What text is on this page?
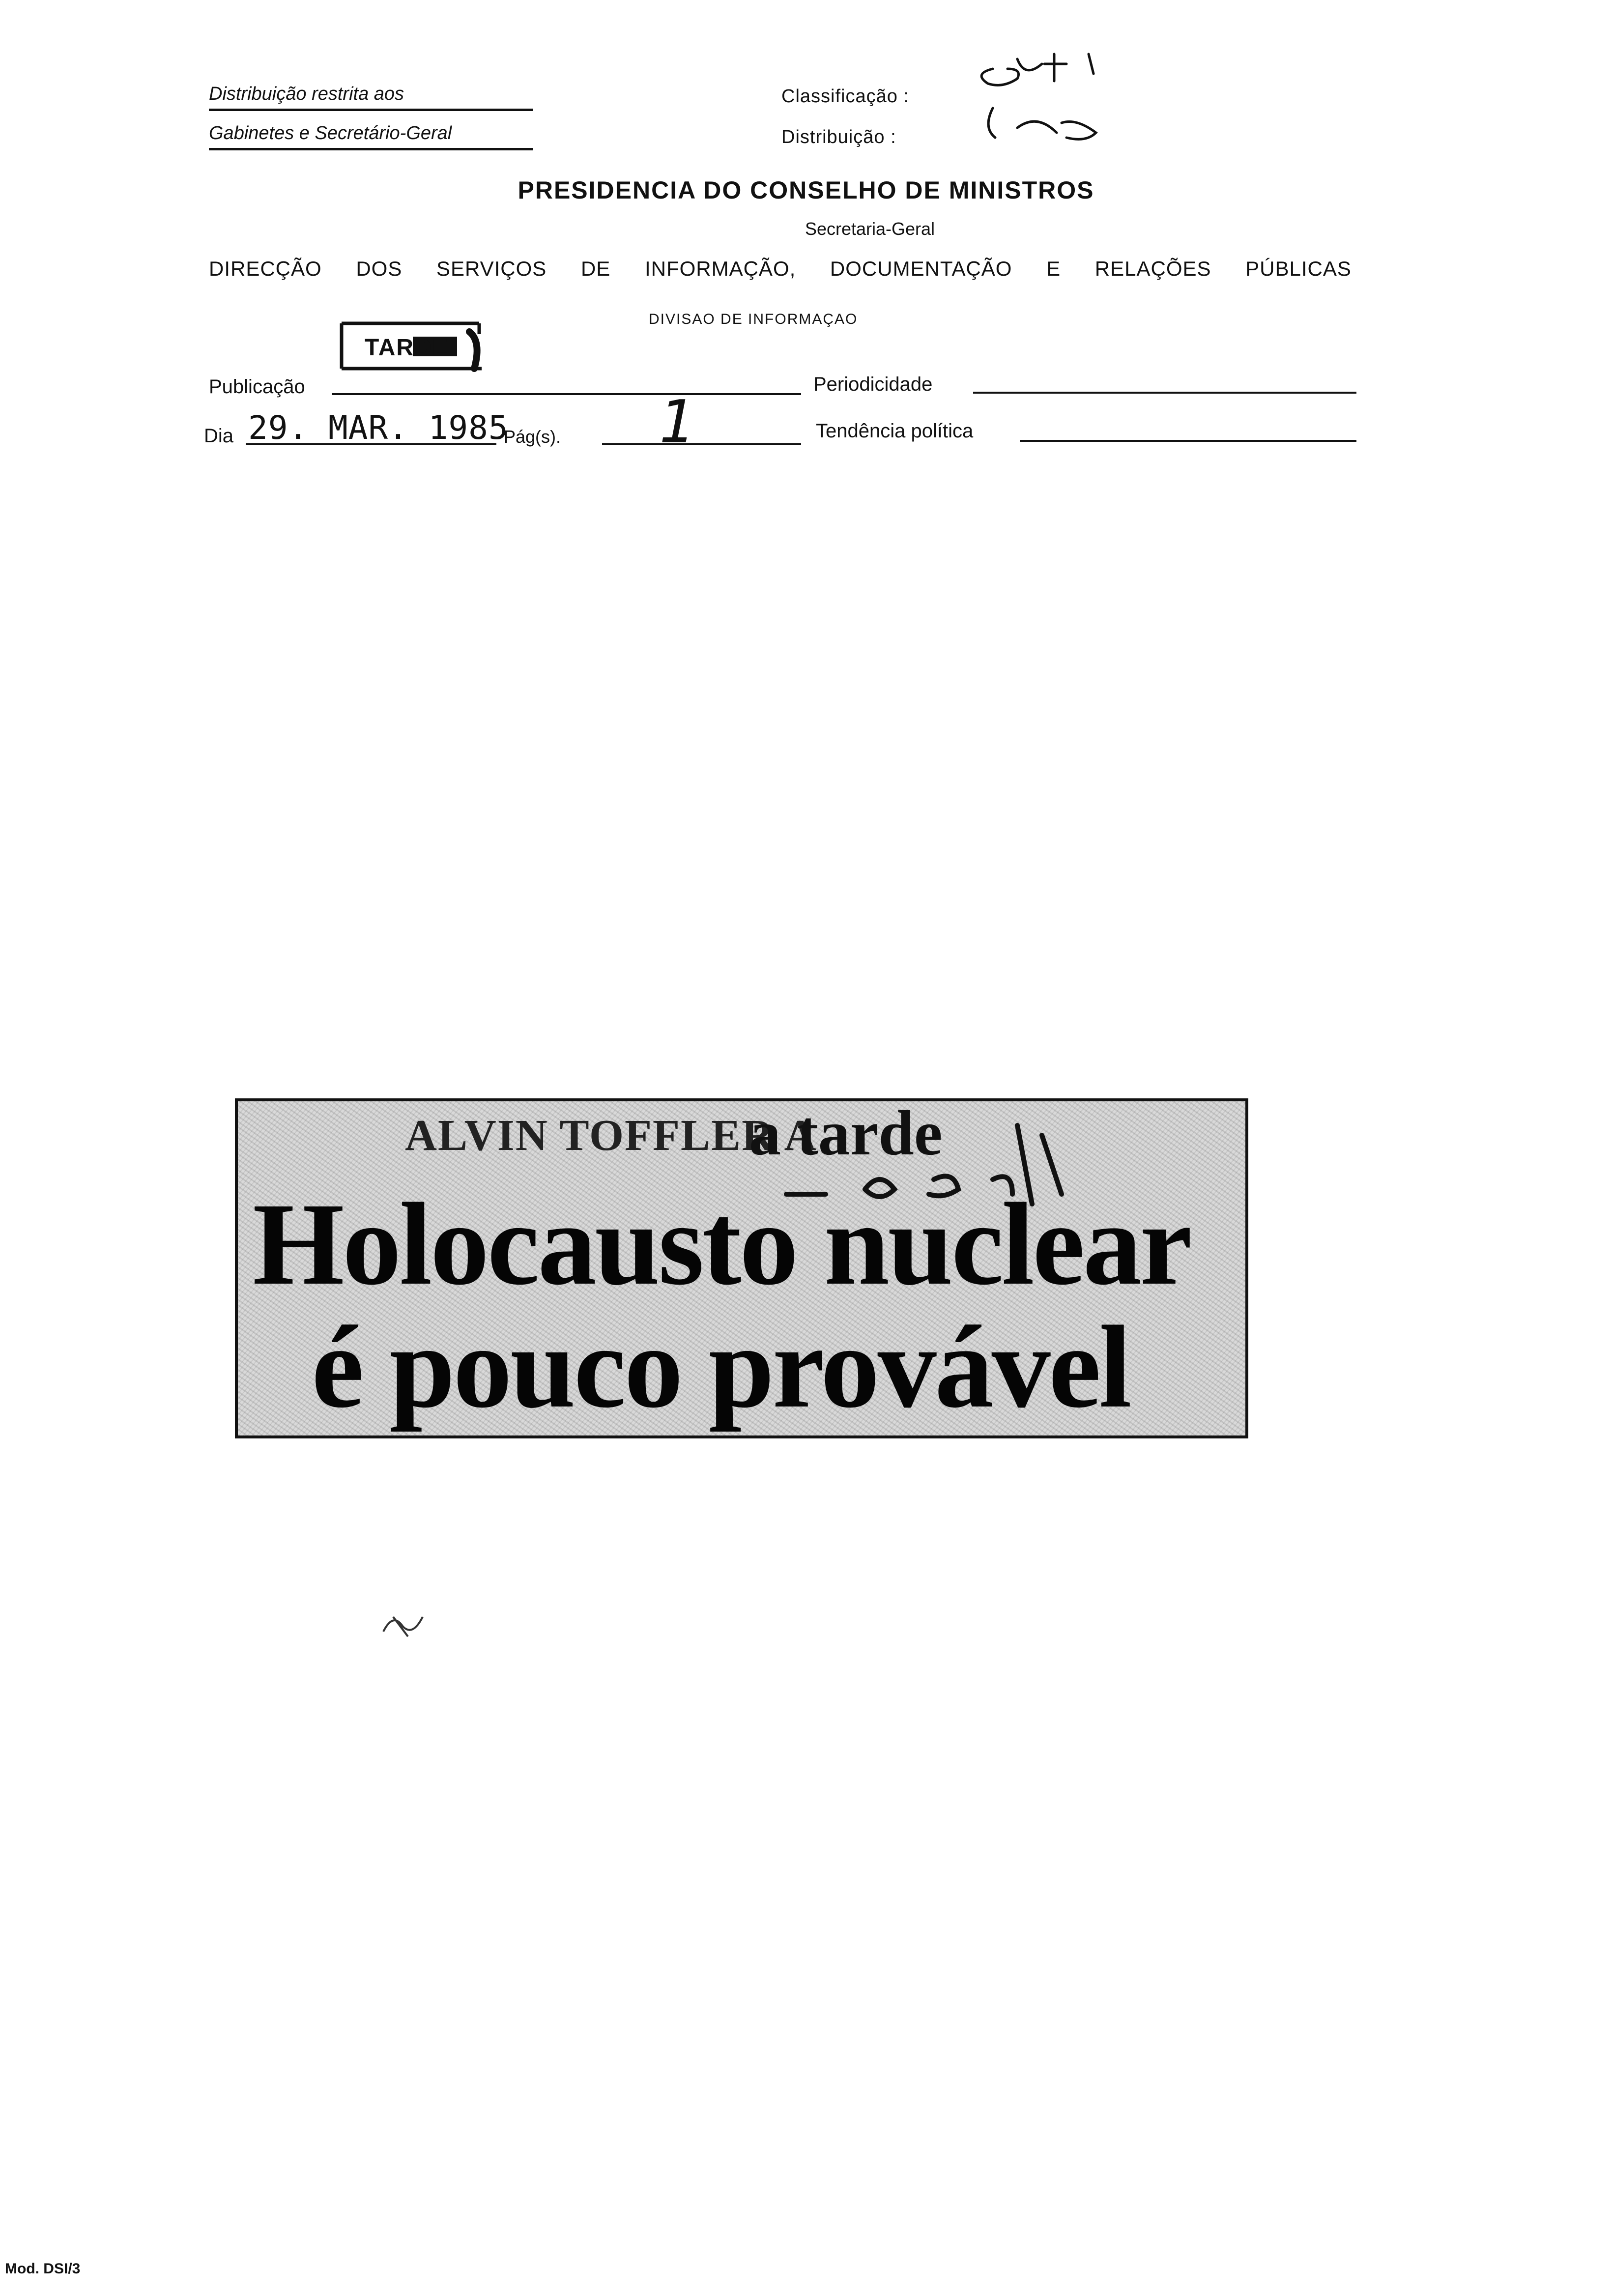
Distribuição restrita aos
Gabinetes e Secretário-Geral
Classificação :
Distribuição :
PRESIDENCIA DO CONSELHO DE MINISTROS
Secretaria-Geral
DIRECÇÃO DOS SERVIÇOS DE INFORMAÇÃO, DOCUMENTAÇÃO E RELAÇÕES PÚBLICAS
DIVISAO DE INFORMAÇAO
TARDE
Publicação	Periodicidade
Dia 29. MAR. 1985
Pág(s). 1	Tendência política
ALVIN TOFFLER A
a tarde
Holocausto nuclear
é pouco provável
Mod. DSI/3
